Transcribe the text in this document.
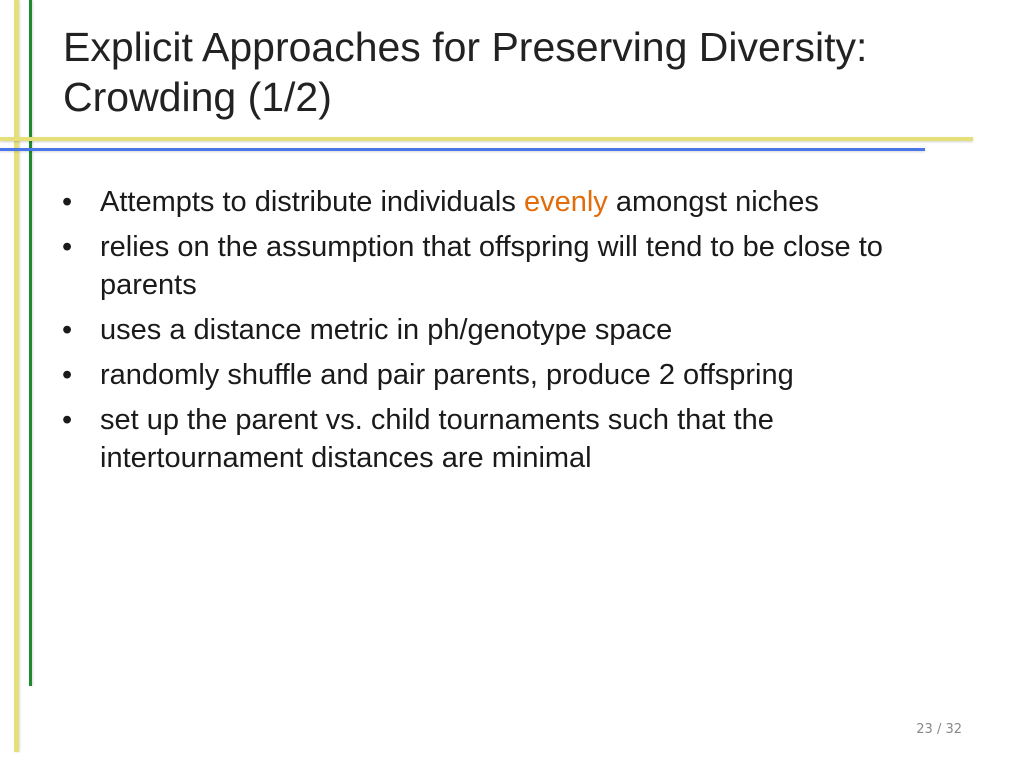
Explicit Approaches for Preserving Diversity:
Crowding (1/2)
• Attempts to distribute individuals evenly amongst niches
• relies on the assumption that offspring will tend to be close to parents
• uses a distance metric in ph/genotype space
• randomly shuffle and pair parents, produce 2 offspring
• set up the parent vs. child tournaments such that the intertournament distances are minimal
23 / 32
